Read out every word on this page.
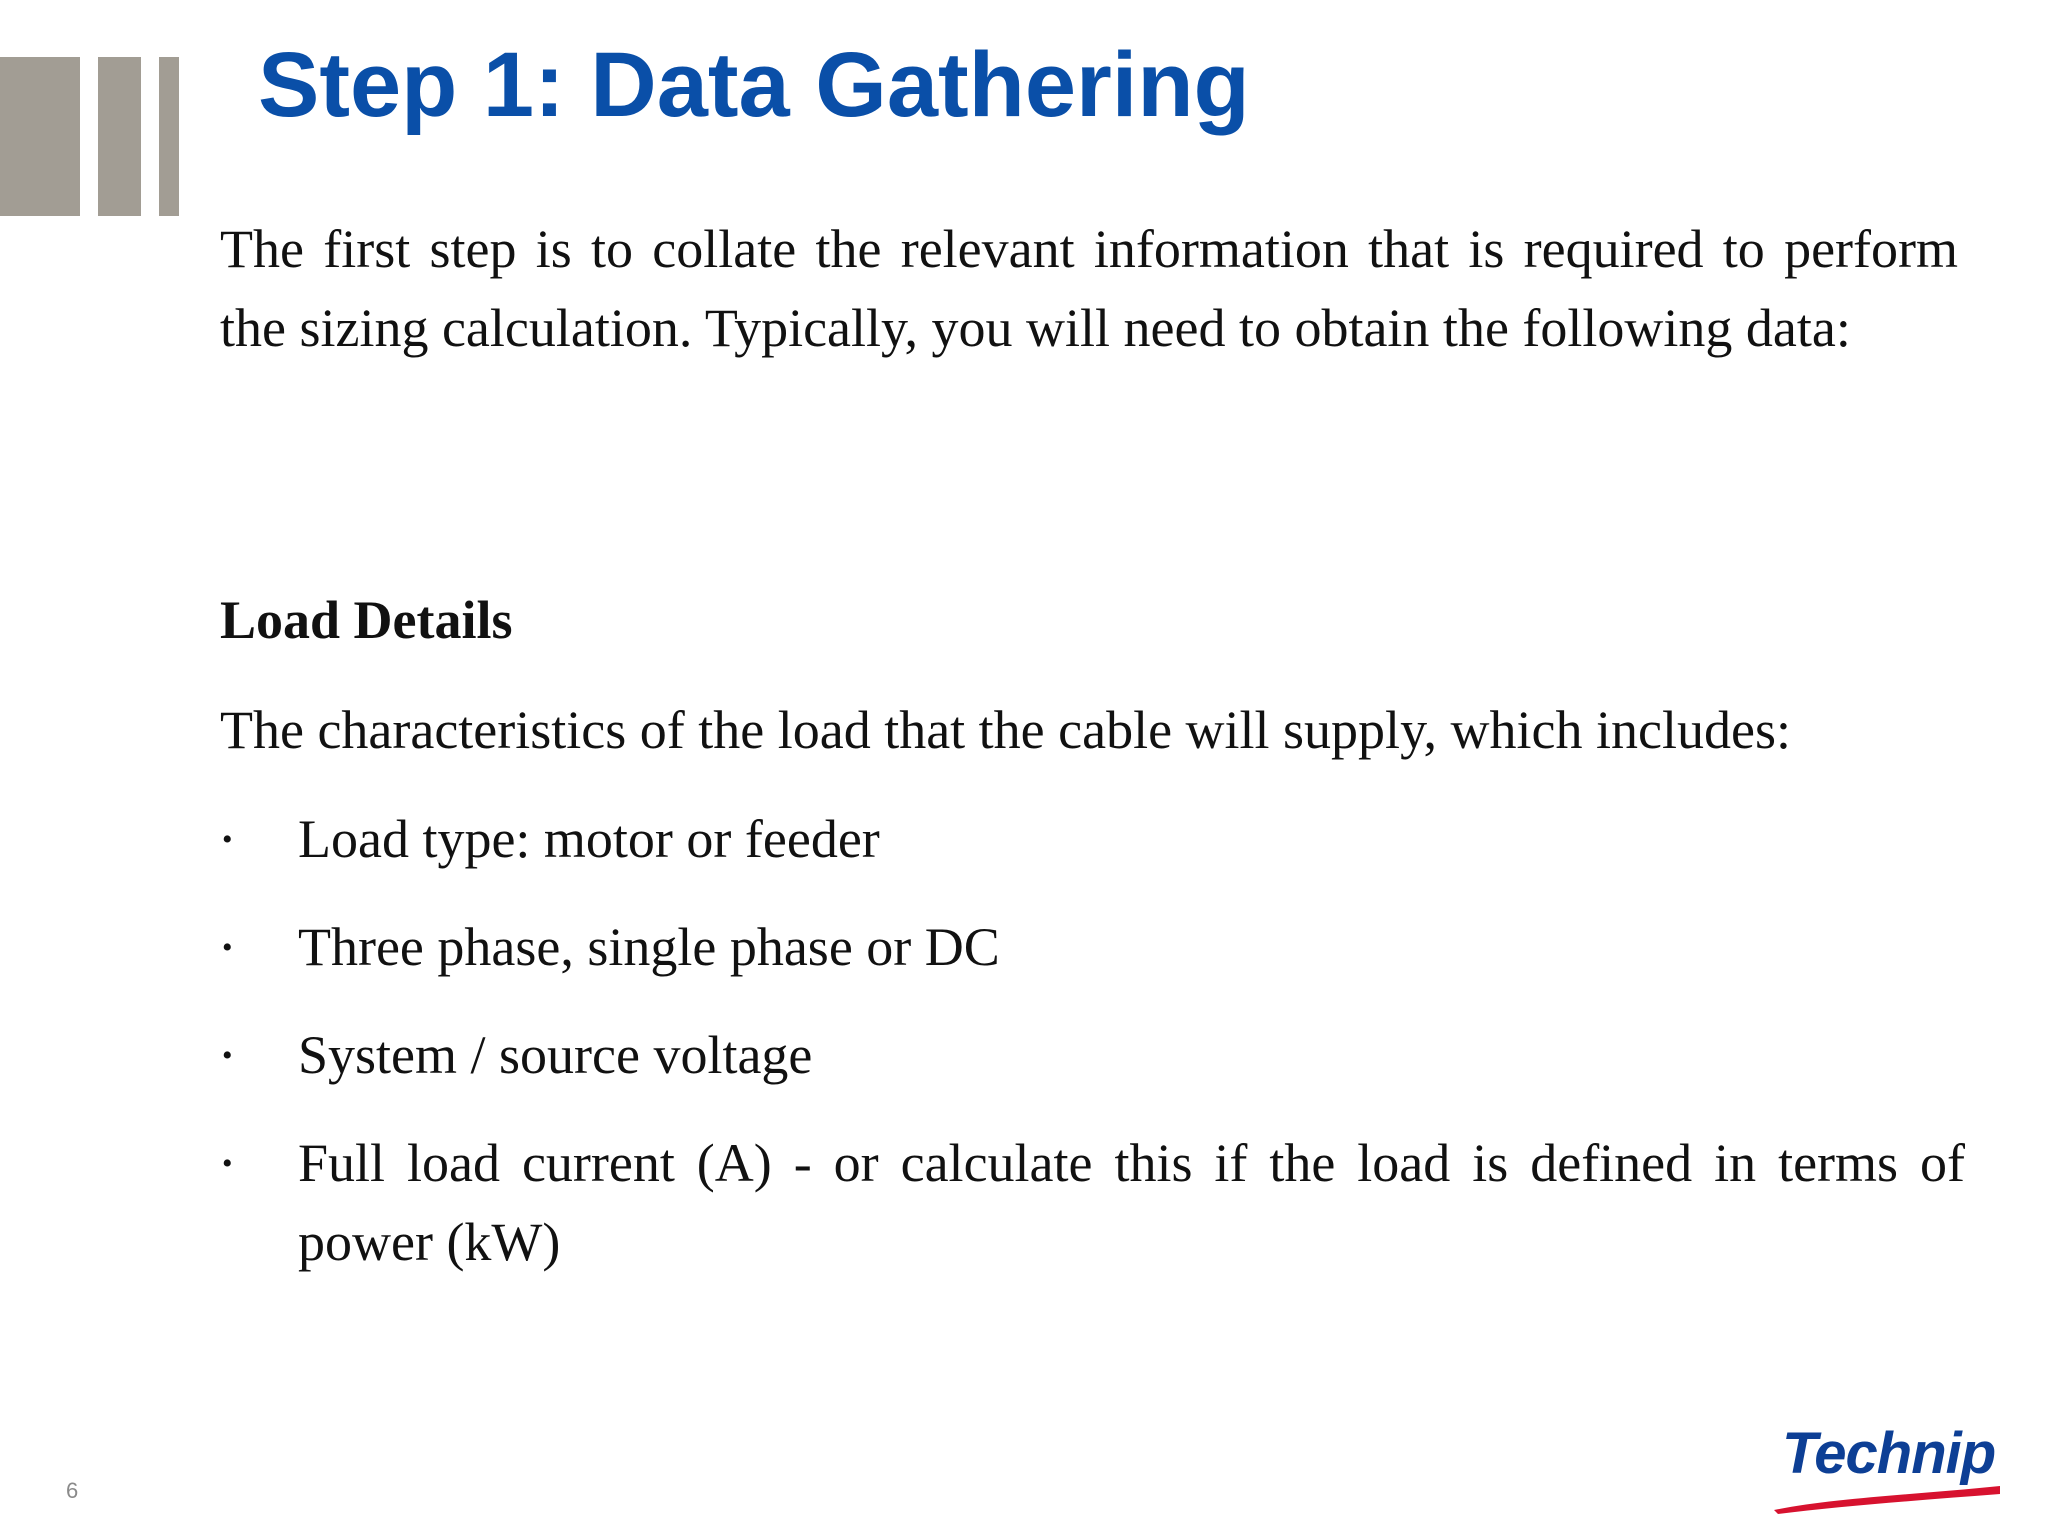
Step 1: Data Gathering

The first step is to collate the relevant information that is required to perform the sizing calculation. Typically, you will need to obtain the following data:

Load Details

The characteristics of the load that the cable will supply, which includes:

• Load type: motor or feeder
• Three phase, single phase or DC
• System / source voltage
• Full load current (A) - or calculate this if the load is defined in terms of power (kW)

6

Technip
